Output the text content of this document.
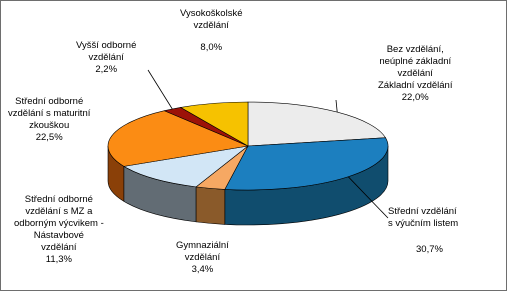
Bez vzdělání,
neúplné základní
vzdělání
Základní vzdělání
22,0%
Střední vzdělání
s výučním listem
30,7%
Gymnaziální
vzdělání
3,4%
Střední odborné
vzdělání s MZ a
odborným výcvikem -
Nástavbové
vzdělání
11,3%
Střední odborné
vzdělání s maturitní
zkouškou
22,5%
Vyšší odborné
vzdělání
2,2%
Vysokoškolské
vzdělání
8,0%
